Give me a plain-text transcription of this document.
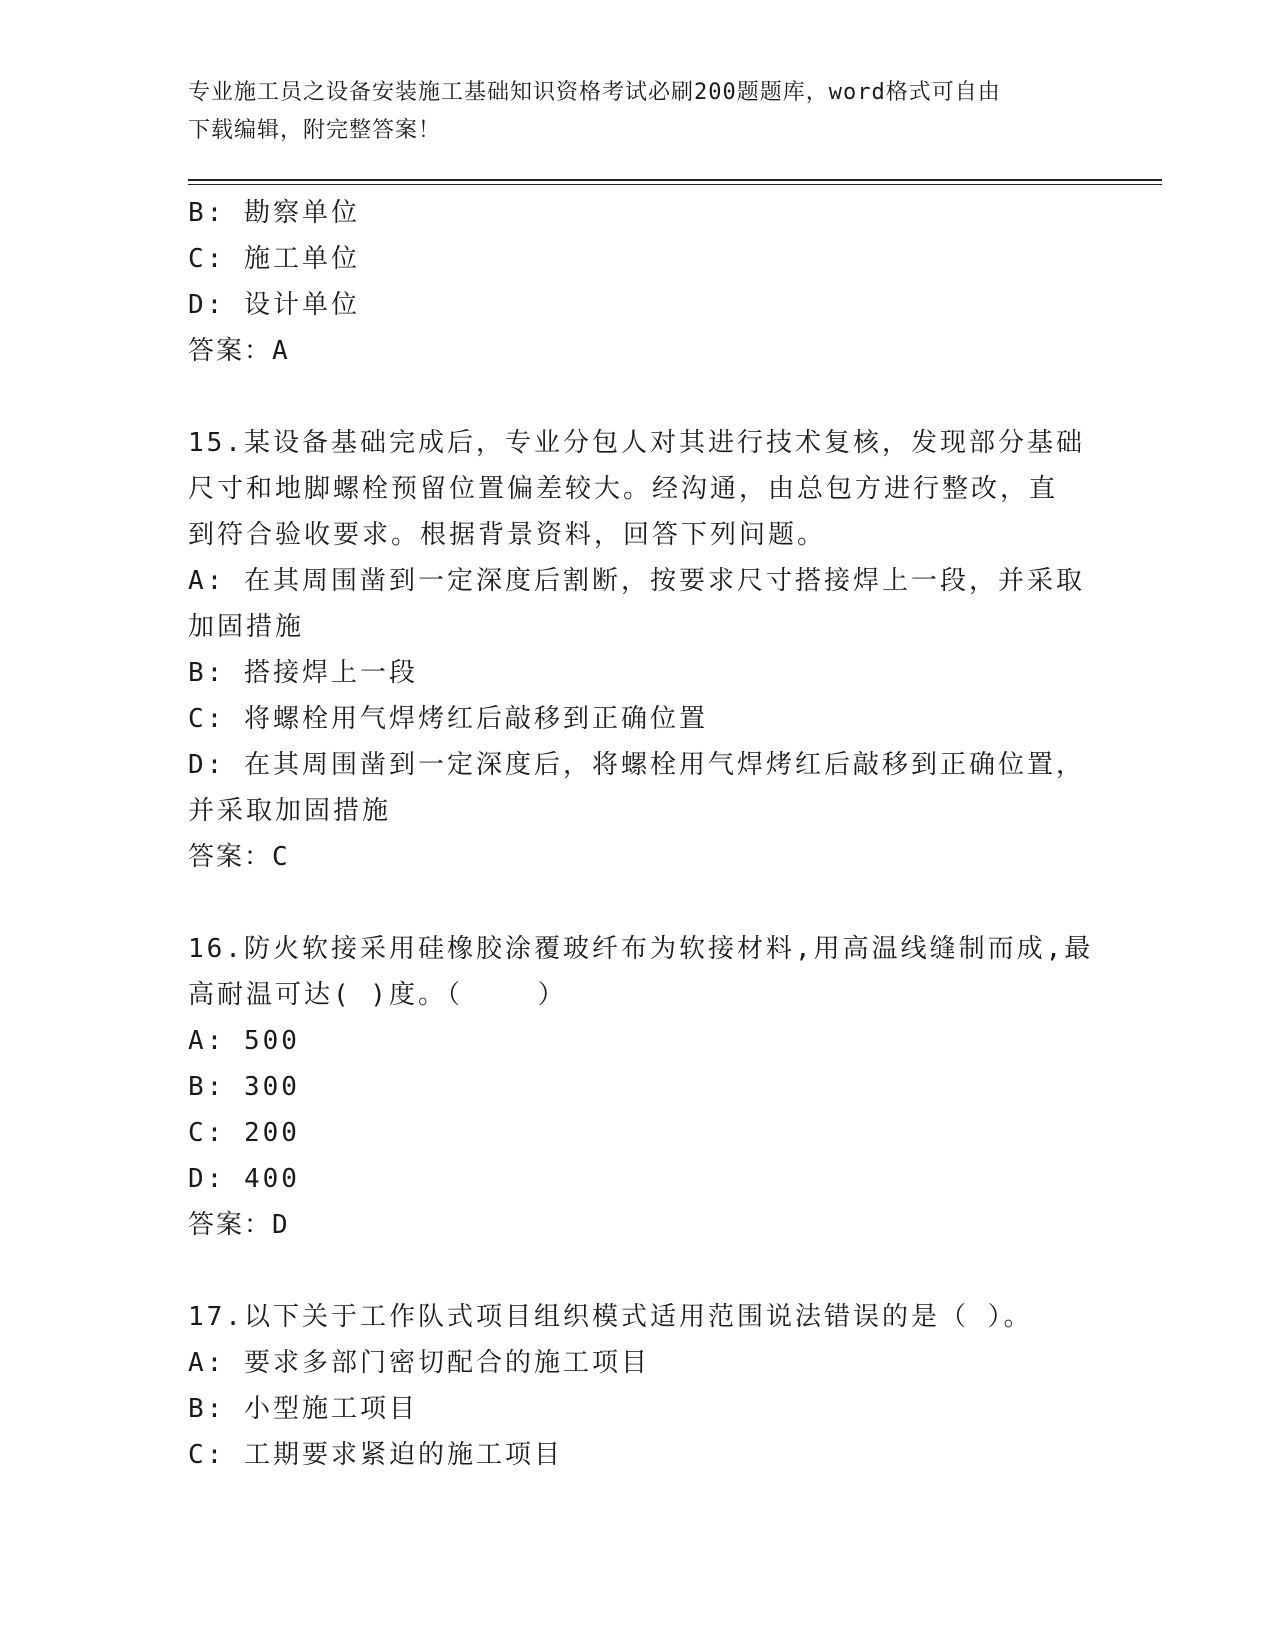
专业施工员之设备安装施工基础知识资格考试必刷200题题库，word格式可自由
下载编辑，附完整答案！
B: 勘察单位
C: 施工单位
D: 设计单位
答案：A
15.某设备基础完成后，专业分包人对其进行技术复核，发现部分基础
尺寸和地脚螺栓预留位置偏差较大。经沟通，由总包方进行整改，直
到符合验收要求。根据背景资料，回答下列问题。
A: 在其周围凿到一定深度后割断，按要求尺寸搭接焊上一段，并采取
加固措施
B: 搭接焊上一段
C: 将螺栓用气焊烤红后敲移到正确位置
D: 在其周围凿到一定深度后，将螺栓用气焊烤红后敲移到正确位置，
并采取加固措施
答案：C
16.防火软接采用硅橡胶涂覆玻纤布为软接材料,用高温线缝制而成,最
高耐温可达( )度。（    ）
A: 500
B: 300
C: 200
D: 400
答案：D
17.以下关于工作队式项目组织模式适用范围说法错误的是（ ）。
A: 要求多部门密切配合的施工项目
B: 小型施工项目
C: 工期要求紧迫的施工项目
